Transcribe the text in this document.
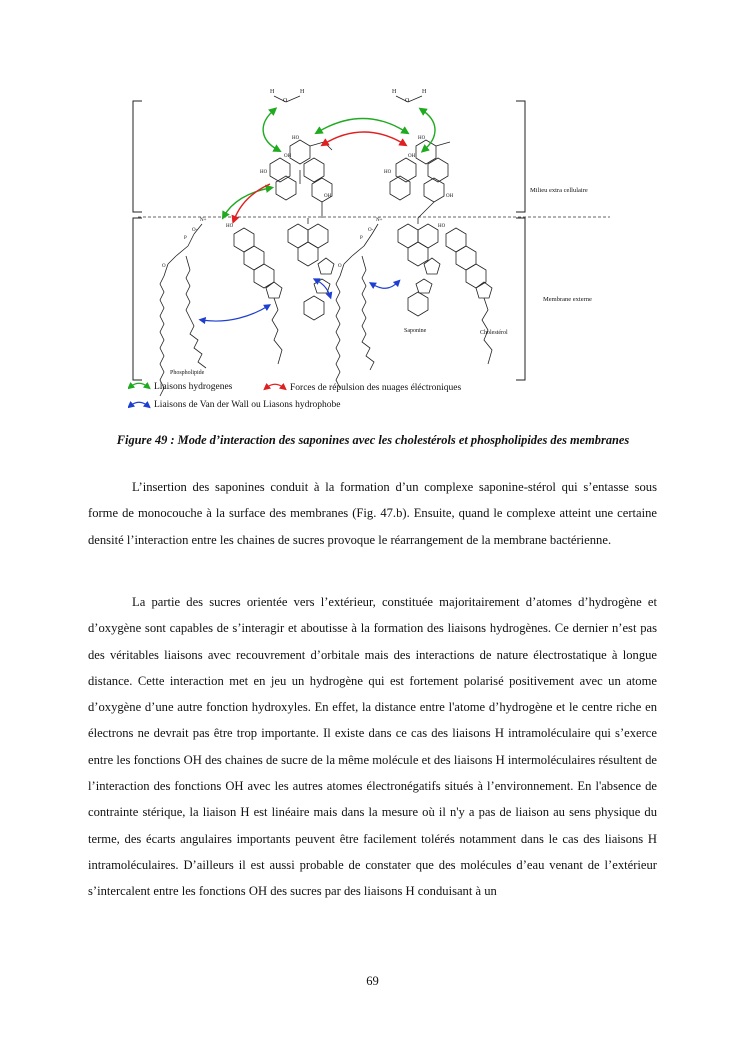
H
O
H	H
O
H
HO
OH
HO
OH
HO
OH
HO
OH
HO	HO
N+
P
N+
P
O-	O-
O	O
Milieu extra cellulaire
Membrane externe
Phospholipide
Saponine	Cholestérol
Liaisons hydrogenes	Forces de répulsion des nuages éléctroniques
Liaisons de Van der Wall ou Liasons hydrophobe
Figure 49 : Mode d’interaction des saponines avec les cholestérols et phospholipides des membranes

L’insertion des saponines conduit à la formation d’un complexe saponine-stérol qui s’entasse sous forme de monocouche à la surface des membranes (Fig. 47.b). Ensuite, quand le complexe atteint une certaine densité l’interaction entre les chaines de sucres provoque le réarrangement de la membrane bactérienne.

La partie des sucres orientée vers l’extérieur, constituée majoritairement d’atomes d’hydrogène et d’oxygène sont capables de s’interagir et aboutisse à la formation des liaisons hydrogènes. Ce dernier n’est pas des véritables liaisons avec recouvrement d’orbitale mais des interactions de nature électrostatique à longue distance. Cette interaction met en jeu un hydrogène qui est fortement polarisé positivement avec un atome d’oxygène d’une autre fonction hydroxyles. En effet, la distance entre l'atome d’hydrogène et le centre riche en électrons ne devrait pas être trop importante. Il existe dans ce cas des liaisons H intramoléculaire qui s’exerce entre les fonctions OH des chaines de sucre de la même molécule et des liaisons H intermoléculaires résultent de l’interaction des fonctions OH avec les autres atomes électronégatifs situés à l’environnement. En l'absence de contrainte stérique, la liaison H est linéaire mais dans la mesure où il n'y a pas de liaison au sens physique du terme, des écarts angulaires importants peuvent être facilement tolérés notamment dans le cas des liaisons H intramoléculaires. D’ailleurs il est aussi probable de constater que des molécules d’eau venant de l’extérieur s’intercalent entre les fonctions OH des sucres par des liaisons H conduisant à un

69
